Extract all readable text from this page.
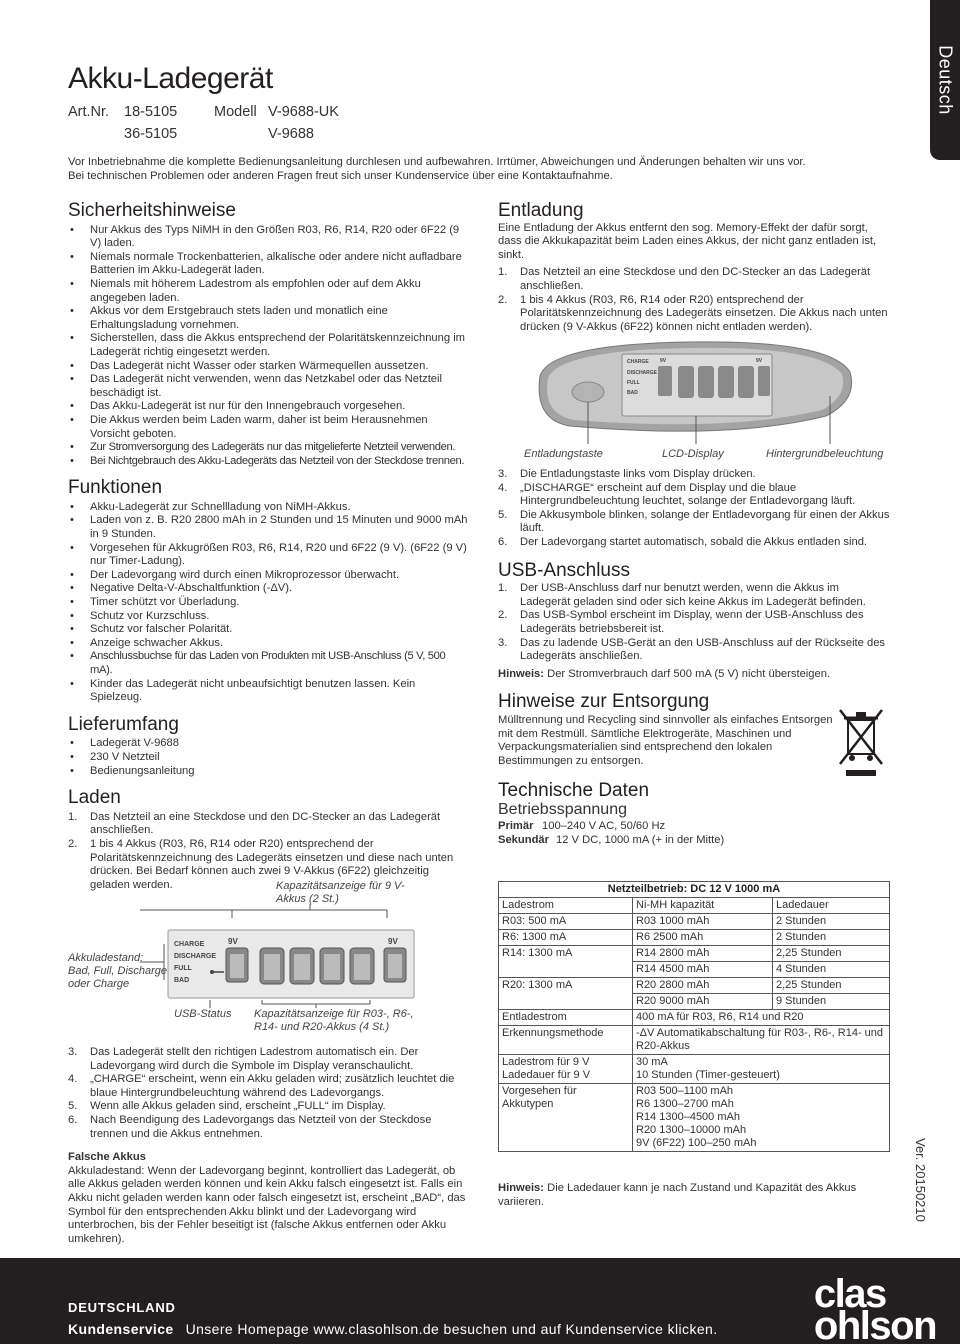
Deutsch
Akku-Ladegerät
Art.Nr. 18-5105
36-5105
Modell V-9688-UK
V-9688
Vor Inbetriebnahme die komplette Bedienungsanleitung durchlesen und aufbewahren. Irrtümer, Abweichungen und Änderungen behalten wir uns vor.
Bei technischen Problemen oder anderen Fragen freut sich unser Kundenservice über eine Kontaktaufnahme.
Sicherheitshinweise
• Nur Akkus des Typs NiMH in den Größen R03, R6, R14, R20 oder 6F22 (9 V) laden.
• Niemals normale Trockenbatterien, alkalische oder andere nicht aufladbare Batterien im Akku-Ladegerät laden.
• Niemals mit höherem Ladestrom als empfohlen oder auf dem Akku angegeben laden.
• Akkus vor dem Erstgebrauch stets laden und monatlich eine Erhaltungsladung vornehmen.
• Sicherstellen, dass die Akkus entsprechend der Polaritätskennzeichnung im Ladegerät richtig eingesetzt werden.
• Das Ladegerät nicht Wasser oder starken Wärmequellen aussetzen.
• Das Ladegerät nicht verwenden, wenn das Netzkabel oder das Netzteil beschädigt ist.
• Das Akku-Ladegerät ist nur für den Innengebrauch vorgesehen.
• Die Akkus werden beim Laden warm, daher ist beim Herausnehmen Vorsicht geboten.
• Zur Stromversorgung des Ladegeräts nur das mitgelieferte Netzteil verwenden.
• Bei Nichtgebrauch des Akku-Ladegeräts das Netzteil von der Steckdose trennen.
Funktionen
• Akku-Ladegerät zur Schnellladung von NiMH-Akkus.
• Laden von z. B. R20 2800 mAh in 2 Stunden und 15 Minuten und 9000 mAh in 9 Stunden.
• Vorgesehen für Akkugrößen R03, R6, R14, R20 und 6F22 (9 V). (6F22 (9 V) nur Timer-Ladung).
• Der Ladevorgang wird durch einen Mikroprozessor überwacht.
• Negative Delta-V-Abschaltfunktion (-ΔV).
• Timer schützt vor Überladung.
• Schutz vor Kurzschluss.
• Schutz vor falscher Polarität.
• Anzeige schwacher Akkus.
• Anschlussbuchse für das Laden von Produkten mit USB-Anschluss (5 V, 500 mA).
• Kinder das Ladegerät nicht unbeaufsichtigt benutzen lassen. Kein Spielzeug.
Lieferumfang
• Ladegerät V-9688
• 230 V Netzteil
• Bedienungsanleitung
Laden
1. Das Netzteil an eine Steckdose und den DC-Stecker an das Ladegerät anschließen.
2. 1 bis 4 Akkus (R03, R6, R14 oder R20) entsprechend der Polaritätskennzeichnung des Ladegeräts einsetzen und diese nach unten drücken. Bei Bedarf können auch zwei 9 V-Akkus (6F22) gleichzeitig geladen werden.	Kapazitätsanzeige für 9 V-Akkus (2 St.)
Akkuladestand: Bad, Full, Discharge oder Charge
USB-Status Kapazitätsanzeige für R03-, R6-, R14- und R20-Akkus (4 St.)
CHARGE
DISCHARGE
FULL
BAD
9V	9V
3. Das Ladegerät stellt den richtigen Ladestrom automatisch ein. Der Ladevorgang wird durch die Symbole im Display veranschaulicht.
4. „CHARGE“ erscheint, wenn ein Akku geladen wird; zusätzlich leuchtet die blaue Hintergrundbeleuchtung während des Ladevorgangs.
5. Wenn alle Akkus geladen sind, erscheint „FULL“ im Display.
6. Nach Beendigung des Ladevorgangs das Netzteil von der Steckdose trennen und die Akkus entnehmen.
Falsche Akkus
Akkuladestand: Wenn der Ladevorgang beginnt, kontrolliert das Ladegerät, ob alle Akkus geladen werden können und kein Akku falsch eingesetzt ist. Falls ein Akku nicht geladen werden kann oder falsch eingesetzt ist, erscheint „BAD“, das Symbol für den entsprechenden Akku blinkt und der Ladevorgang wird unterbrochen, bis der Fehler beseitigt ist (falsche Akkus entfernen oder Akku umkehren).
Entladung
Eine Entladung der Akkus entfernt den sog. Memory-Effekt der dafür sorgt, dass die Akkukapazität beim Laden eines Akkus, der nicht ganz entladen ist, sinkt.
1. Das Netzteil an eine Steckdose und den DC-Stecker an das Ladegerät anschließen.
2. 1 bis 4 Akkus (R03, R6, R14 oder R20) entsprechend der Polaritätskennzeichnung des Ladegeräts einsetzen. Die Akkus nach unten drücken (9 V-Akkus (6F22) können nicht entladen werden).
CHARGE
DISCHARGE
FULL
BAD
9V	9V
Entladungstaste	LCD-Display	Hintergrundbeleuchtung
3. Die Entladungstaste links vom Display drücken.
4. „DISCHARGE“ erscheint auf dem Display und die blaue Hintergrundbeleuchtung leuchtet, solange der Entladevorgang läuft.
5. Die Akkusymbole blinken, solange der Entladevorgang für einen der Akkus läuft.
6. Der Ladevorgang startet automatisch, sobald die Akkus entladen sind.
USB-Anschluss
1. Der USB-Anschluss darf nur benutzt werden, wenn die Akkus im Ladegerät geladen sind oder sich keine Akkus im Ladegerät befinden.
2. Das USB-Symbol erscheint im Display, wenn der USB-Anschluss des Ladegeräts betriebsbereit ist.
3. Das zu ladende USB-Gerät an den USB-Anschluss auf der Rückseite des Ladegeräts anschließen.
Hinweis: Der Stromverbrauch darf 500 mA (5 V) nicht übersteigen.
Hinweise zur Entsorgung
Mülltrennung und Recycling sind sinnvoller als einfaches Entsorgen mit dem Restmüll. Sämtliche Elektrogeräte, Maschinen und Verpackungsmaterialien sind entsprechend den lokalen Bestimmungen zu entsorgen.
Technische Daten
Betriebsspannung
Primär 100–240 V AC, 50/60 Hz
Sekundär 12 V DC, 1000 mA (+ in der Mitte)
Netzteilbetrieb: DC 12 V 1000 mA		
Ladestrom	Ni-MH kapazität	Ladedauer
R03: 500 mA	R03 1000 mAh	2 Stunden
R6: 1300 mA	R6 2500 mAh	2 Stunden
R14: 1300 mA	R14 2800 mAh	2,25 Stunden
	R14 4500 mAh	4 Stunden
R20: 1300 mA	R20 2800 mAh	2,25 Stunden
	R20 9000 mAh	9 Stunden
Entladestrom	400 mA für R03, R6, R14 und R20	
Erkennungsmethode	-ΔV Automatikabschaltung für R03-, R6-, R14- und R20-Akkus	
Ladestrom für 9 V
Ladedauer für 9 V	30 mA
10 Stunden (Timer-gesteuert)	
Vorgesehen für Akkutypen	R03 500–1100 mAh
R6 1300–2700 mAh
R14 1300–4500 mAh
R20 1300–10000 mAh
9V (6F22) 100–250 mAh	
Hinweis: Die Ladedauer kann je nach Zustand und Kapazität des Akkus variieren.	Ver. 20150210
DEUTSCHLAND
Kundenservice Unsere Homepage www.clasohlson.de besuchen und auf Kundenservice klicken.
clas
ohlson
